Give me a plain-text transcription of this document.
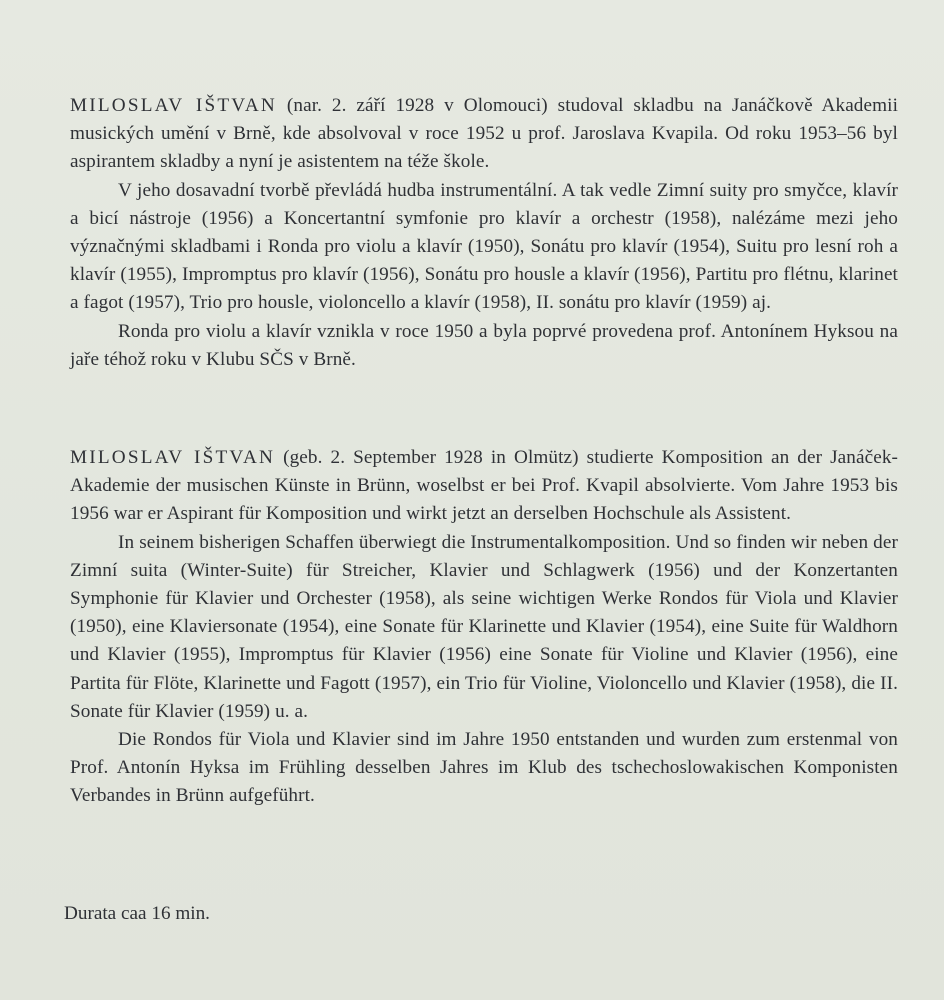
MILOSLAV IŠTVAN (nar. 2. září 1928 v Olomouci) studoval skladbu na Janáčkově Akademii musických umění v Brně, kde absolvoval v roce 1952 u prof. Jaroslava Kvapila. Od roku 1953–56 byl aspirantem skladby a nyní je asistentem na téže škole.

V jeho dosavadní tvorbě převládá hudba instrumentální. A tak vedle Zimní suity pro smyčce, klavír a bicí nástroje (1956) a Koncertantní symfonie pro klavír a orchestr (1958), nalézáme mezi jeho význačnými skladbami i Ronda pro violu a klavír (1950), Sonátu pro klavír (1954), Suitu pro lesní roh a klavír (1955), Impromptus pro klavír (1956), Sonátu pro housle a klavír (1956), Partitu pro flétnu, klarinet a fagot (1957), Trio pro housle, violoncello a klavír (1958), II. sonátu pro klavír (1959) aj.

Ronda pro violu a klavír vznikla v roce 1950 a byla poprvé provedena prof. Antonínem Hyksou na jaře téhož roku v Klubu SČS v Brně.

MILOSLAV IŠTVAN (geb. 2. September 1928 in Olmütz) studierte Komposition an der Janáček-Akademie der musischen Künste in Brünn, woselbst er bei Prof. Kvapil absolvierte. Vom Jahre 1953 bis 1956 war er Aspirant für Komposition und wirkt jetzt an derselben Hochschule als Assistent.

In seinem bisherigen Schaffen überwiegt die Instrumentalkomposition. Und so finden wir neben der Zimní suita (Winter-Suite) für Streicher, Klavier und Schlagwerk (1956) und der Konzertanten Symphonie für Klavier und Orchester (1958), als seine wichtigen Werke Rondos für Viola und Klavier (1950), eine Klaviersonate (1954), eine Sonate für Klarinette und Klavier (1954), eine Suite für Waldhorn und Klavier (1955), Impromptus für Klavier (1956) eine Sonate für Violine und Klavier (1956), eine Partita für Flöte, Klarinette und Fagott (1957), ein Trio für Violine, Violoncello und Klavier (1958), die II. Sonate für Klavier (1959) u. a.

Die Rondos für Viola und Klavier sind im Jahre 1950 entstanden und wurden zum erstenmal von Prof. Antonín Hyksa im Frühling desselben Jahres im Klub des tschechoslowakischen Komponisten Verbandes in Brünn aufgeführt.

Durata caa 16 min.
